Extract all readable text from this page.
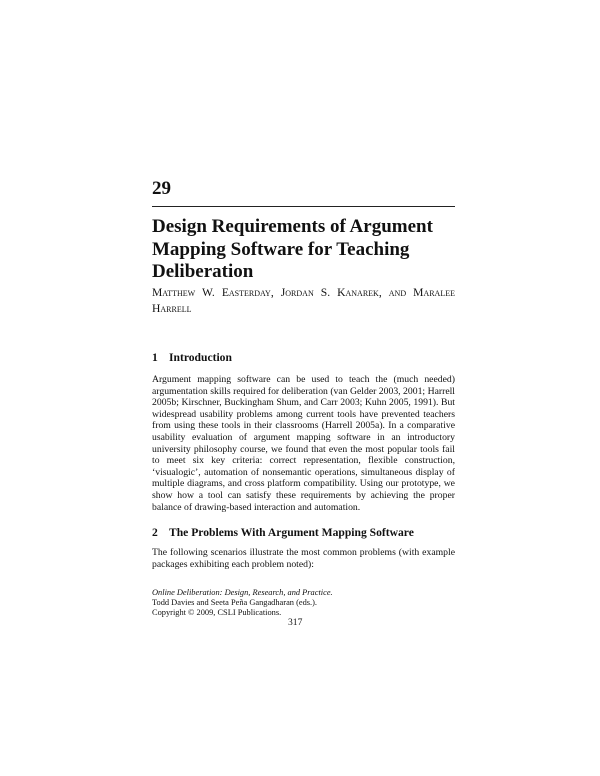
29
Design Requirements of Argument Mapping Software for Teaching Deliberation
Matthew W. Easterday, Jordan S. Kanarek, and Maralee Harrell
1 Introduction
Argument mapping software can be used to teach the (much needed) argumentation skills required for deliberation (van Gelder 2003, 2001; Harrell 2005b; Kirschner, Buckingham Shum, and Carr 2003; Kuhn 2005, 1991). But widespread usability problems among current tools have prevented teachers from using these tools in their classrooms (Harrell 2005a). In a comparative usability evaluation of argument mapping software in an introductory university philosophy course, we found that even the most popular tools fail to meet six key criteria: correct representation, flexible construction, ‘visualogic’, automation of nonsemantic operations, simultaneous display of multiple diagrams, and cross platform compatibility. Using our prototype, we show how a tool can satisfy these requirements by achieving the proper balance of drawing-based interaction and automation.
2 The Problems With Argument Mapping Software
The following scenarios illustrate the most common problems (with example packages exhibiting each problem noted):
Online Deliberation: Design, Research, and Practice.
Todd Davies and Seeta Peña Gangadharan (eds.).
Copyright © 2009, CSLI Publications.
317
